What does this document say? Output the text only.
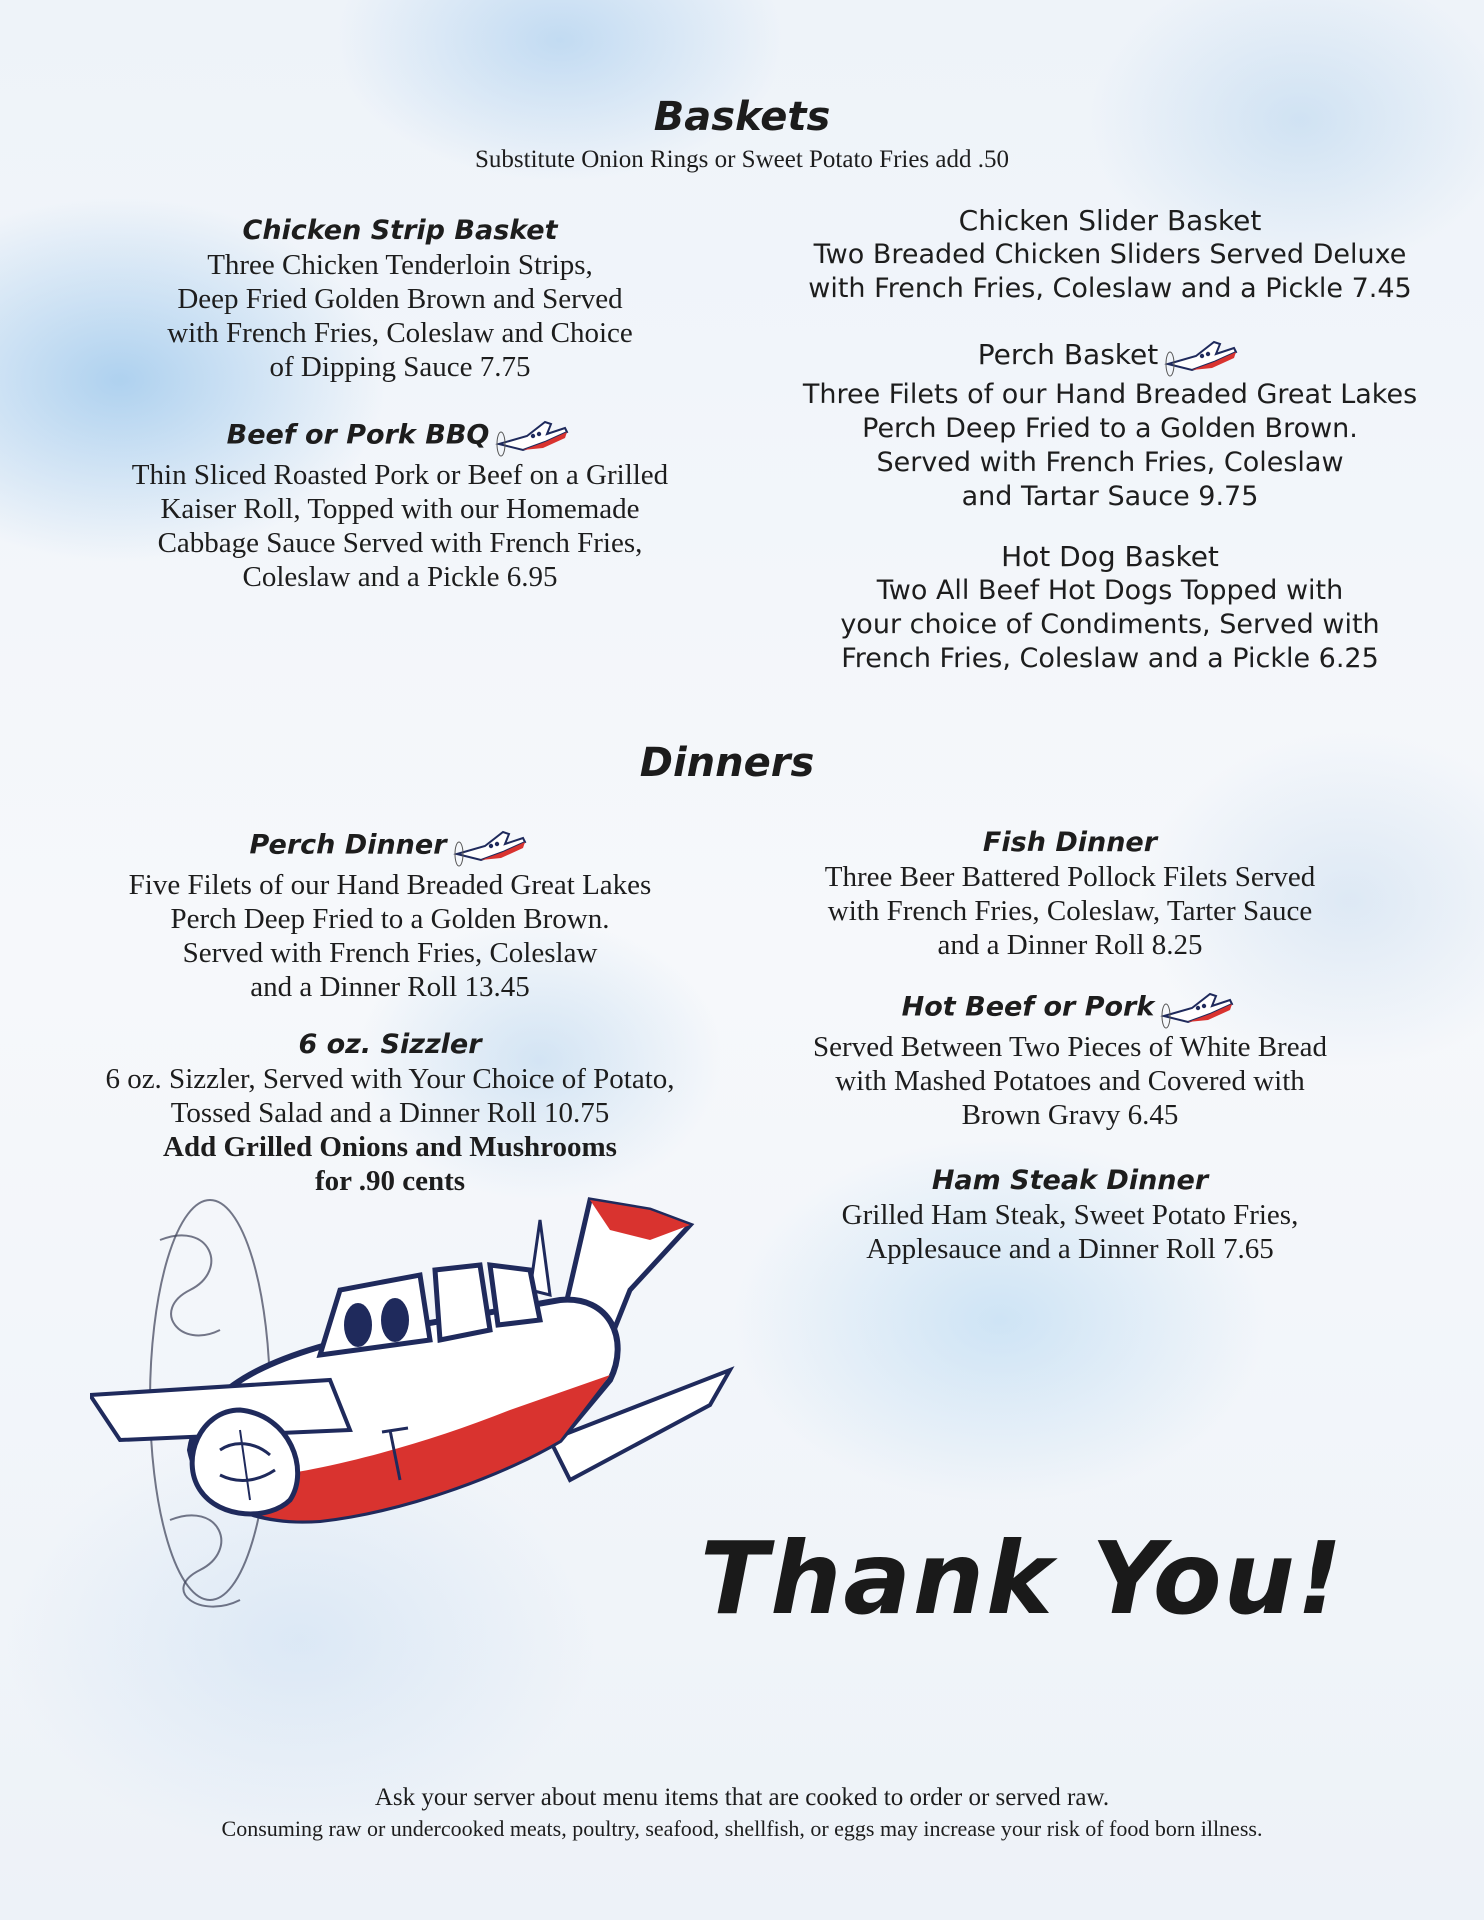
Baskets

Substitute Onion Rings or Sweet Potato Fries add .50

Chicken Strip Basket

Three Chicken Tenderloin Strips,
Deep Fried Golden Brown and Served
with French Fries, Coleslaw and Choice
of Dipping Sauce 7.75

Beef or Pork BBQ

Thin Sliced Roasted Pork or Beef on a Grilled
Kaiser Roll, Topped with our Homemade
Cabbage Sauce Served with French Fries,
Coleslaw and a Pickle 6.95

Chicken Slider Basket

Two Breaded Chicken Sliders Served Deluxe
with French Fries, Coleslaw and a Pickle 7.45

Perch Basket

Three Filets of our Hand Breaded Great Lakes
Perch Deep Fried to a Golden Brown.
Served with French Fries, Coleslaw
and Tartar Sauce 9.75

Hot Dog Basket

Two All Beef Hot Dogs Topped with
your choice of Condiments, Served with
French Fries, Coleslaw and a Pickle 6.25

Dinners

Perch Dinner

Five Filets of our Hand Breaded Great Lakes
Perch Deep Fried to a Golden Brown.
Served with French Fries, Coleslaw
and a Dinner Roll 13.45

6 oz. Sizzler

6 oz. Sizzler, Served with Your Choice of Potato,
Tossed Salad and a Dinner Roll 10.75

Add Grilled Onions and Mushrooms
for .90 cents

Fish Dinner

Three Beer Battered Pollock Filets Served
with French Fries, Coleslaw, Tarter Sauce
and a Dinner Roll 8.25

Hot Beef or Pork

Served Between Two Pieces of White Bread
with Mashed Potatoes and Covered with
Brown Gravy 6.45

Ham Steak Dinner

Grilled Ham Steak, Sweet Potato Fries,
Applesauce and a Dinner Roll 7.65

Thank You!
Ask your server about menu items that are cooked to order or served raw.
Consuming raw or undercooked meats, poultry, seafood, shellfish, or eggs may increase your risk of food born illness.
